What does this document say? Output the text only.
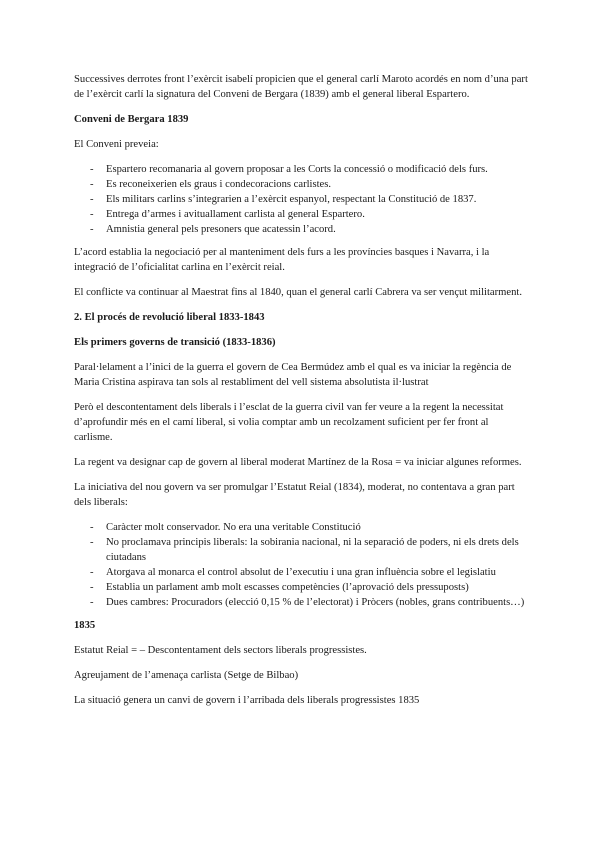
Successives derrotes front l’exèrcit isabelí propicien que el general carlí Maroto acordés en nom d’una part de l’exèrcit carlí la signatura del Conveni de Bergara (1839) amb el general liberal Espartero.

Conveni de Bergara 1839

El Conveni preveia:

- Espartero recomanaria al govern proposar a les Corts la concessió o modificació dels furs.
- Es reconeixerien els graus i condecoracions carlistes.
- Els militars carlins s’integrarien a l’exèrcit espanyol, respectant la Constitució de 1837.
- Entrega d’armes i avituallament carlista al general Espartero.
- Amnistia general pels presoners que acatessin l’acord.

L’acord establia la negociació per al manteniment dels furs a les províncies basques i Navarra, i la integració de l’oficialitat carlina en l’exèrcit reial.

El conflicte va continuar al Maestrat fins al 1840, quan el general carlí Cabrera va ser vençut militarment.

2. El procés de revolució liberal 1833-1843

Els primers governs de transició (1833-1836)

Paral·lelament a l’inici de la guerra el govern de Cea Bermúdez amb el qual es va iniciar la regència de Maria Cristina aspirava tan sols al restabliment del vell sistema absolutista il·lustrat

Però el descontentament dels liberals i l’esclat de la guerra civil van fer veure a la regent la necessitat d’aprofundir més en el camí liberal, si volia comptar amb un recolzament suficient per fer front al carlisme.

La regent va designar cap de govern al liberal moderat Martínez de la Rosa = va iniciar algunes reformes.

La iniciativa del nou govern va ser promulgar l’Estatut Reial (1834), moderat, no contentava a gran part dels liberals:

- Caràcter molt conservador. No era una veritable Constitució
- No proclamava principis liberals: la sobirania nacional, ni la separació de poders, ni els drets dels ciutadans
- Atorgava al monarca el control absolut de l’executiu i una gran influència sobre el legislatiu
- Establia un parlament amb molt escasses competències (l’aprovació dels pressuposts)
- Dues cambres: Procuradors (elecció 0,15 % de l’electorat) i Pròcers (nobles, grans contribuents…)

1835

Estatut Reial = – Descontentament dels sectors liberals progressistes.

Agreujament de l’amenaça carlista (Setge de Bilbao)

La situació genera un canvi de govern i l’arribada dels liberals progressistes 1835
